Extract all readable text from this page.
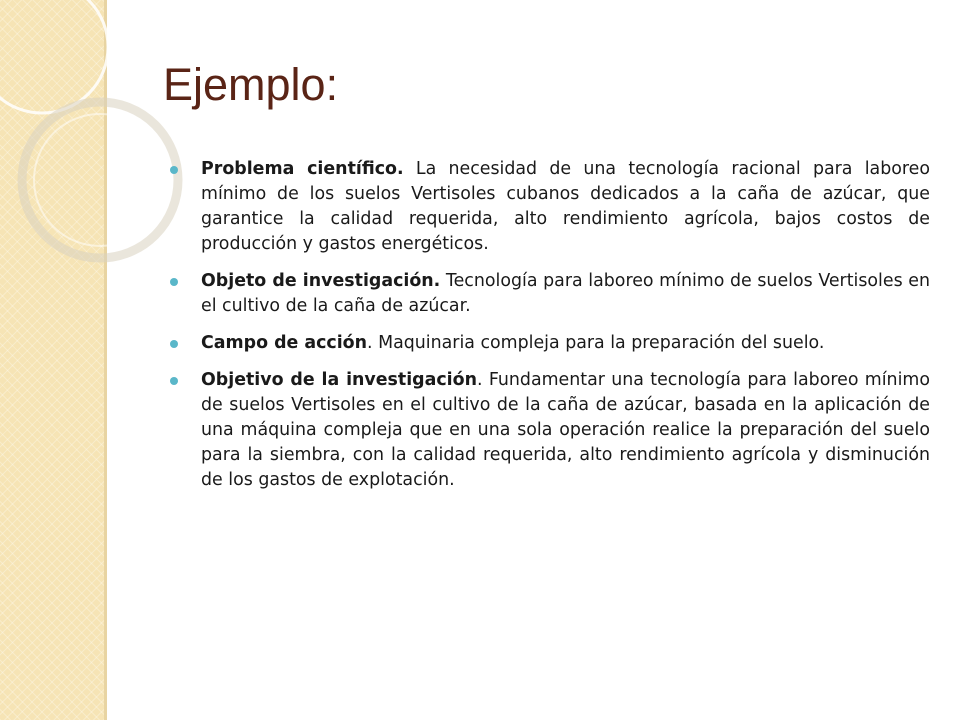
Ejemplo:
Problema científico. La necesidad de una tecnología racional para laboreo mínimo de los suelos Vertisoles cubanos dedicados a la caña de azúcar, que garantice la calidad requerida, alto rendimiento agrícola, bajos costos de producción y gastos energéticos.
Objeto de investigación. Tecnología para laboreo mínimo de suelos Vertisoles en el cultivo de la caña de azúcar.
Campo de acción. Maquinaria compleja para la preparación del suelo.
Objetivo de la investigación. Fundamentar una tecnología para laboreo mínimo de suelos Vertisoles en el cultivo de la caña de azúcar, basada en la aplicación de una máquina compleja que en una sola operación realice la preparación del suelo para la siembra, con la calidad requerida, alto rendimiento agrícola y disminución de los gastos de explotación.
